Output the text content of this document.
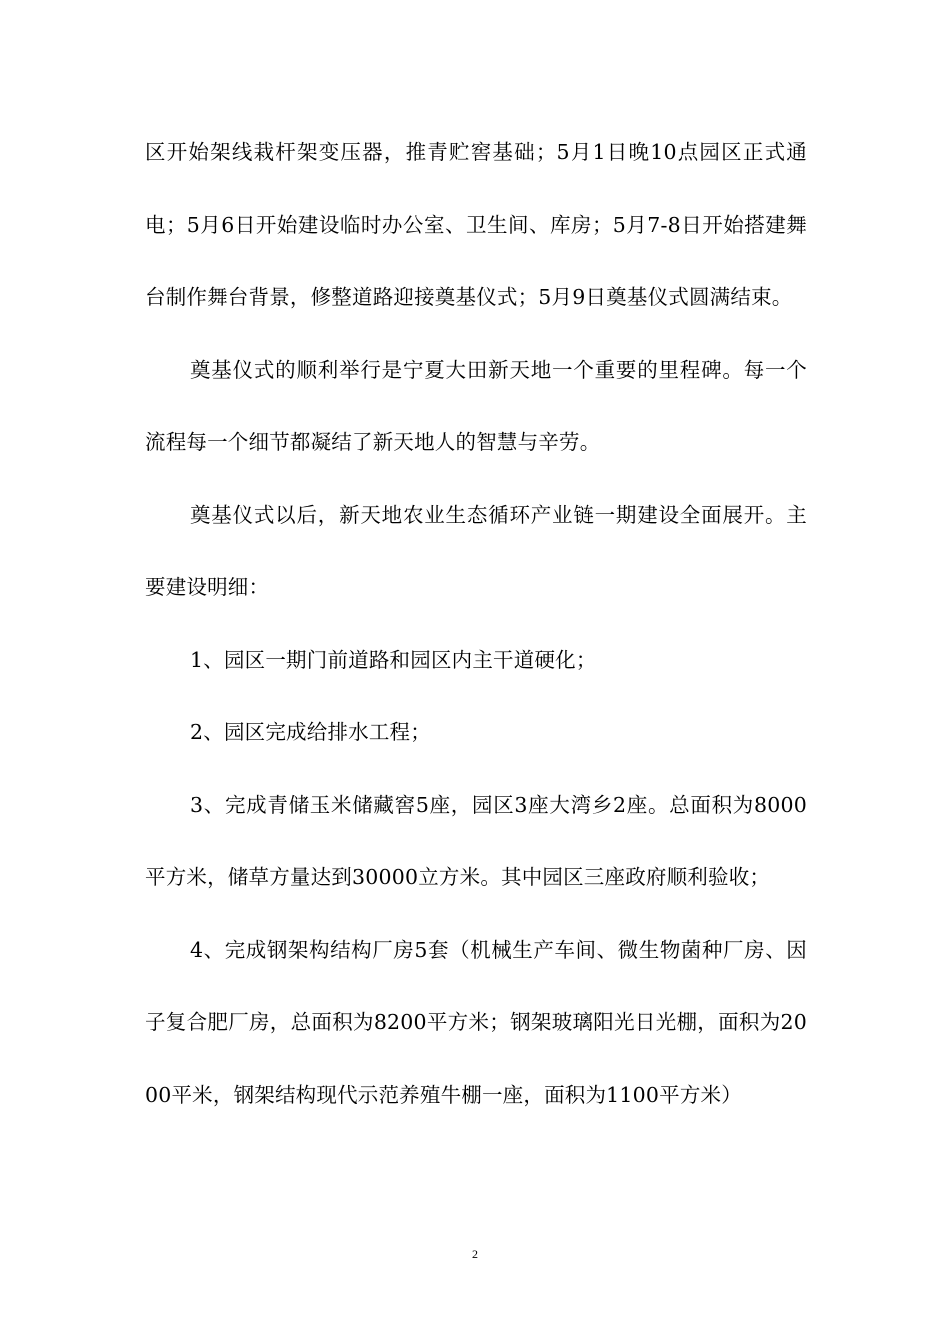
区开始架线栽杆架变压器，推青贮窖基础；5月1日晚10点园区正式通电；5月6日开始建设临时办公室、卫生间、库房；5月7-8日开始搭建舞台制作舞台背景，修整道路迎接奠基仪式；5月9日奠基仪式圆满结束。

奠基仪式的顺利举行是宁夏大田新天地一个重要的里程碑。每一个流程每一个细节都凝结了新天地人的智慧与辛劳。

奠基仪式以后，新天地农业生态循环产业链一期建设全面展开。主要建设明细：

1、园区一期门前道路和园区内主干道硬化；

2、园区完成给排水工程；

3、完成青储玉米储藏窖5座，园区3座大湾乡2座。总面积为8000平方米，储草方量达到30000立方米。其中园区三座政府顺利验收；

4、完成钢架构结构厂房5套（机械生产车间、微生物菌种厂房、因子复合肥厂房，总面积为8200平方米；钢架玻璃阳光日光棚，面积为2000平米，钢架结构现代示范养殖牛棚一座，面积为1100平方米）

2
